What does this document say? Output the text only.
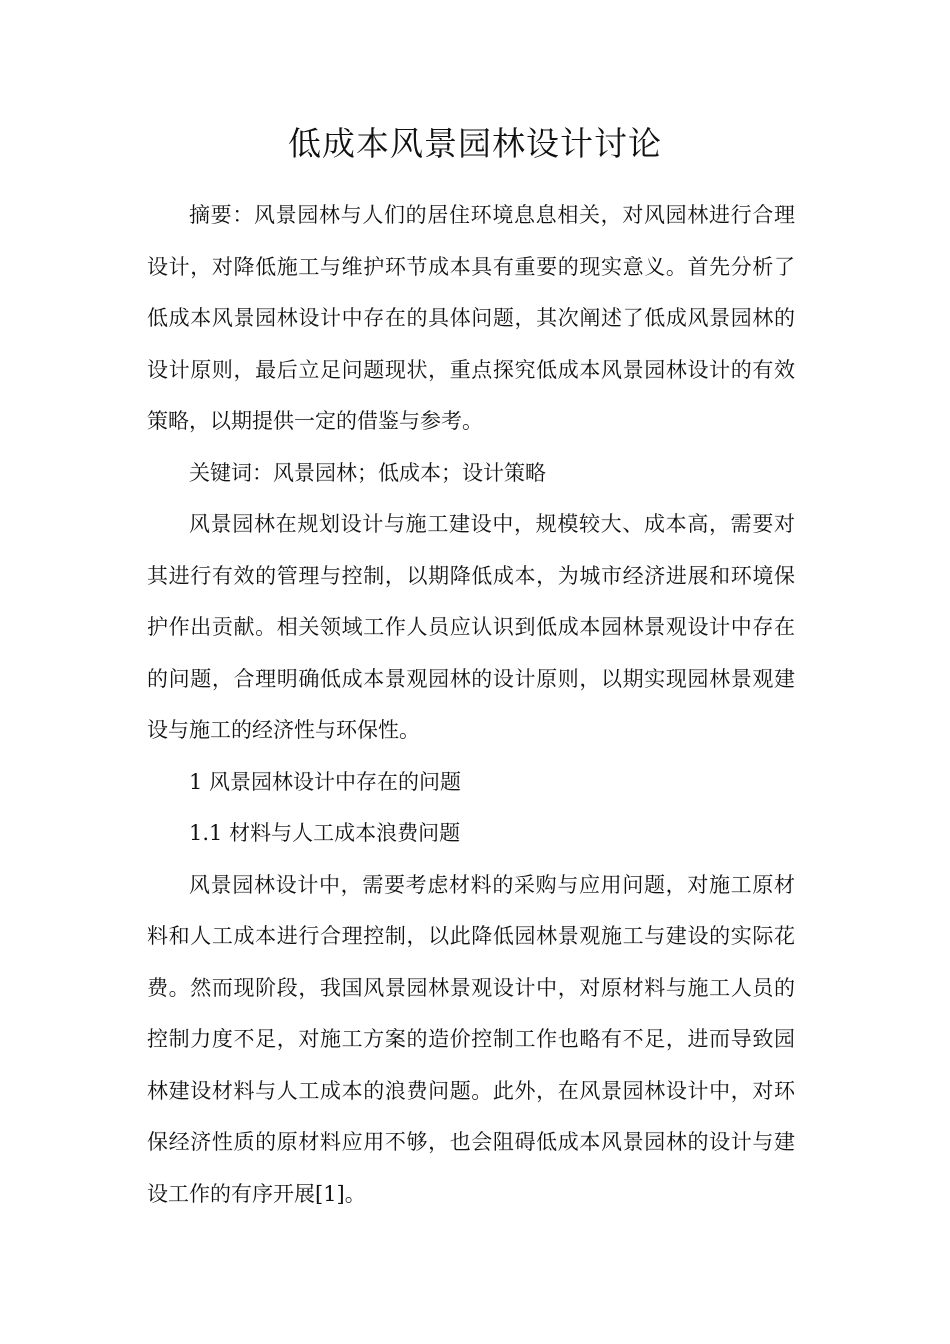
低成本风景园林设计讨论

摘要：风景园林与人们的居住环境息息相关，对风园林进行合理设计，对降低施工与维护环节成本具有重要的现实意义。首先分析了低成本风景园林设计中存在的具体问题，其次阐述了低成风景园林的设计原则，最后立足问题现状，重点探究低成本风景园林设计的有效策略，以期提供一定的借鉴与参考。

关键词：风景园林；低成本；设计策略

风景园林在规划设计与施工建设中，规模较大、成本高，需要对其进行有效的管理与控制，以期降低成本，为城市经济进展和环境保护作出贡献。相关领域工作人员应认识到低成本园林景观设计中存在的问题，合理明确低成本景观园林的设计原则，以期实现园林景观建设与施工的经济性与环保性。

1 风景园林设计中存在的问题

1.1 材料与人工成本浪费问题

风景园林设计中，需要考虑材料的采购与应用问题，对施工原材料和人工成本进行合理控制，以此降低园林景观施工与建设的实际花费。然而现阶段，我国风景园林景观设计中，对原材料与施工人员的控制力度不足，对施工方案的造价控制工作也略有不足，进而导致园林建设材料与人工成本的浪费问题。此外，在风景园林设计中，对环保经济性质的原材料应用不够，也会阻碍低成本风景园林的设计与建设工作的有序开展[1]。
